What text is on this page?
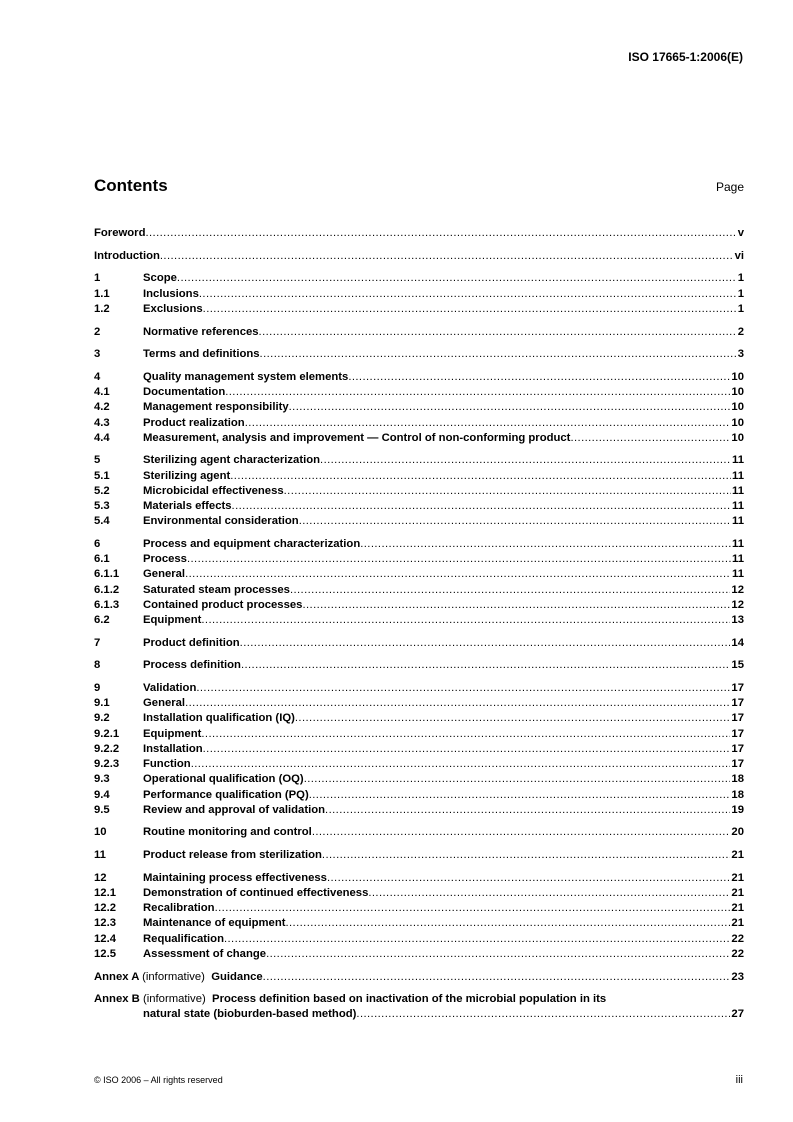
ISO 17665-1:2006(E)
Contents	Page
Foreword .....	v
Introduction .....	vi
1	Scope .....	1
1.1	Inclusions .....	1
1.2	Exclusions .....	1
2	Normative references .....	2
3	Terms and definitions .....	3
4	Quality management system elements .....	10
4.1	Documentation .....	10
4.2	Management responsibility .....	10
4.3	Product realization .....	10
4.4	Measurement, analysis and improvement — Control of non-conforming product .....	10
5	Sterilizing agent characterization .....	11
5.1	Sterilizing agent .....	11
5.2	Microbicidal effectiveness .....	11
5.3	Materials effects .....	11
5.4	Environmental consideration .....	11
6	Process and equipment characterization .....	11
6.1	Process .....	11
6.1.1	General .....	11
6.1.2	Saturated steam processes .....	12
6.1.3	Contained product processes .....	12
6.2	Equipment .....	13
7	Product definition .....	14
8	Process definition .....	15
9	Validation .....	17
9.1	General .....	17
9.2	Installation qualification (IQ) .....	17
9.2.1	Equipment .....	17
9.2.2	Installation .....	17
9.2.3	Function .....	17
9.3	Operational qualification (OQ) .....	18
9.4	Performance qualification (PQ) .....	18
9.5	Review and approval of validation .....	19
10	Routine monitoring and control .....	20
11	Product release from sterilization .....	21
12	Maintaining process effectiveness .....	21
12.1	Demonstration of continued effectiveness .....	21
12.2	Recalibration .....	21
12.3	Maintenance of equipment .....	21
12.4	Requalification .....	22
12.5	Assessment of change .....	22
Annex A (informative) Guidance .....	23
Annex B (informative) Process definition based on inactivation of the microbial population in its
natural state (bioburden-based method) .....	27
© ISO 2006 – All rights reserved	iii
